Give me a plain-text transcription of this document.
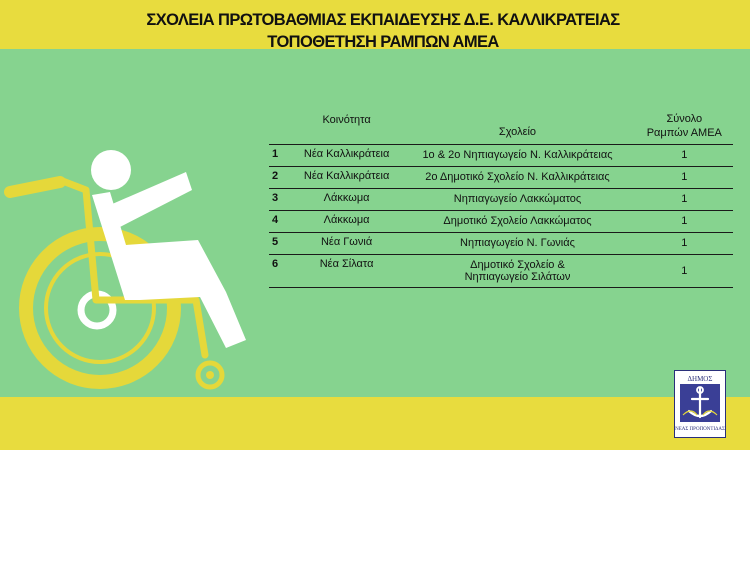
ΣΧΟΛΕΙΑ ΠΡΩΤΟΒΑΘΜΙΑΣ ΕΚΠΑΙΔΕΥΣΗΣ Δ.Ε. ΚΑΛΛΙΚΡΑΤΕΙΑΣ
ΤΟΠΟΘΕΤΗΣΗ ΡΑΜΠΩΝ ΑΜΕΑ
	Κοινότητα	Σχολείο	Σύνολο
Ραμπών ΑΜΕΑ

1	Νέα Καλλικράτεια	1ο & 2ο Νηπιαγωγείο Ν. Καλλικράτειας	1
2	Νέα Καλλικράτεια	2ο Δημοτικό Σχολείο Ν. Καλλικράτειας	1
3	Λάκκωμα	Νηπιαγωγείο Λακκώματος	1
4	Λάκκωμα	Δημοτικό Σχολείο Λακκώματος	1
5	Νέα Γωνιά	Νηπιαγωγείο Ν. Γωνιάς	1
6	Νέα Σίλατα	Δημοτικό Σχολείο &
Νηπιαγωγείο Σιλάτων	1
ΔΗΜΟΣ
ΝΕΑΣ ΠΡΟΠΟΝΤΙΔΑΣ
